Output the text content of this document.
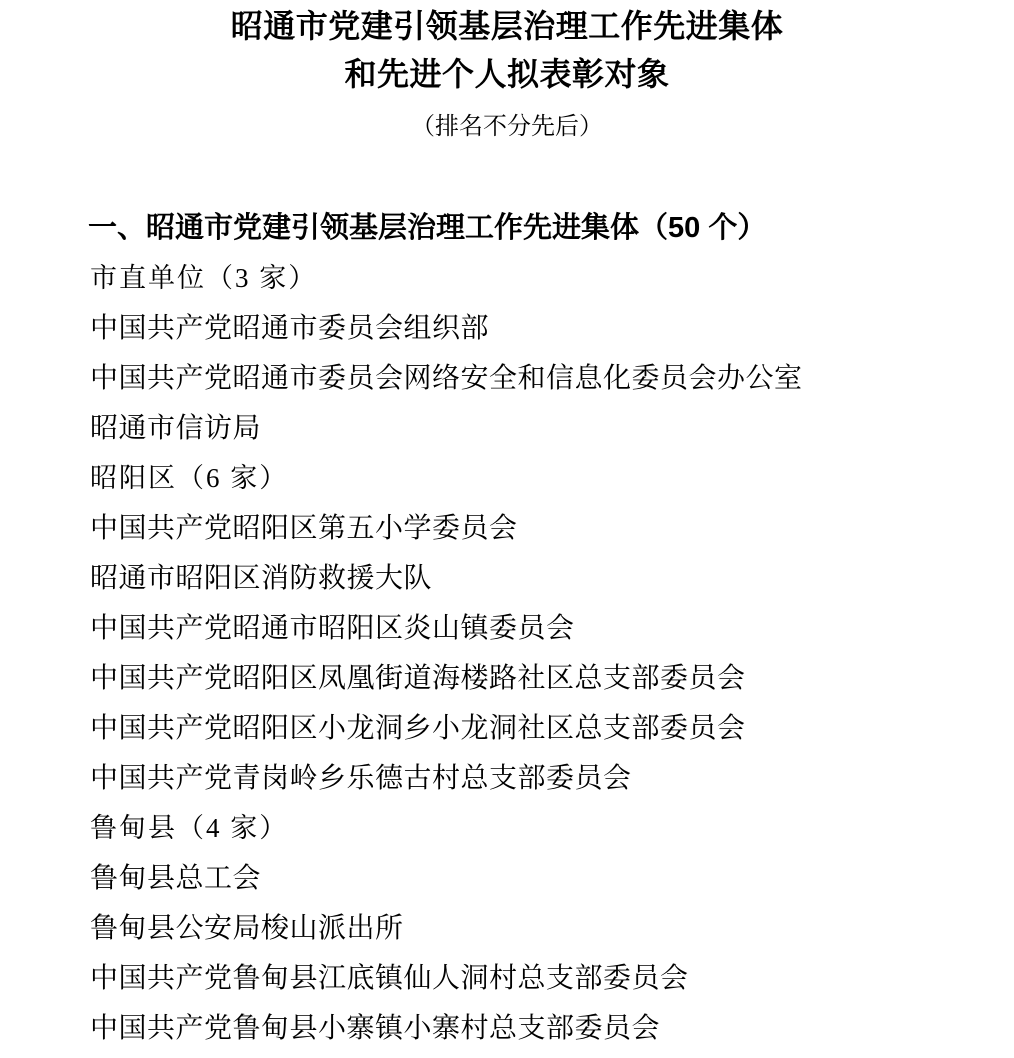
昭通市党建引领基层治理工作先进集体
和先进个人拟表彰对象
（排名不分先后）
一、昭通市党建引领基层治理工作先进集体（50 个）

市直单位（3 家）

中国共产党昭通市委员会组织部

中国共产党昭通市委员会网络安全和信息化委员会办公室

昭通市信访局

昭阳区（6 家）

中国共产党昭阳区第五小学委员会

昭通市昭阳区消防救援大队

中国共产党昭通市昭阳区炎山镇委员会

中国共产党昭阳区凤凰街道海楼路社区总支部委员会

中国共产党昭阳区小龙洞乡小龙洞社区总支部委员会

中国共产党青岗岭乡乐德古村总支部委员会

鲁甸县（4 家）

鲁甸县总工会

鲁甸县公安局梭山派出所

中国共产党鲁甸县江底镇仙人洞村总支部委员会

中国共产党鲁甸县小寨镇小寨村总支部委员会
